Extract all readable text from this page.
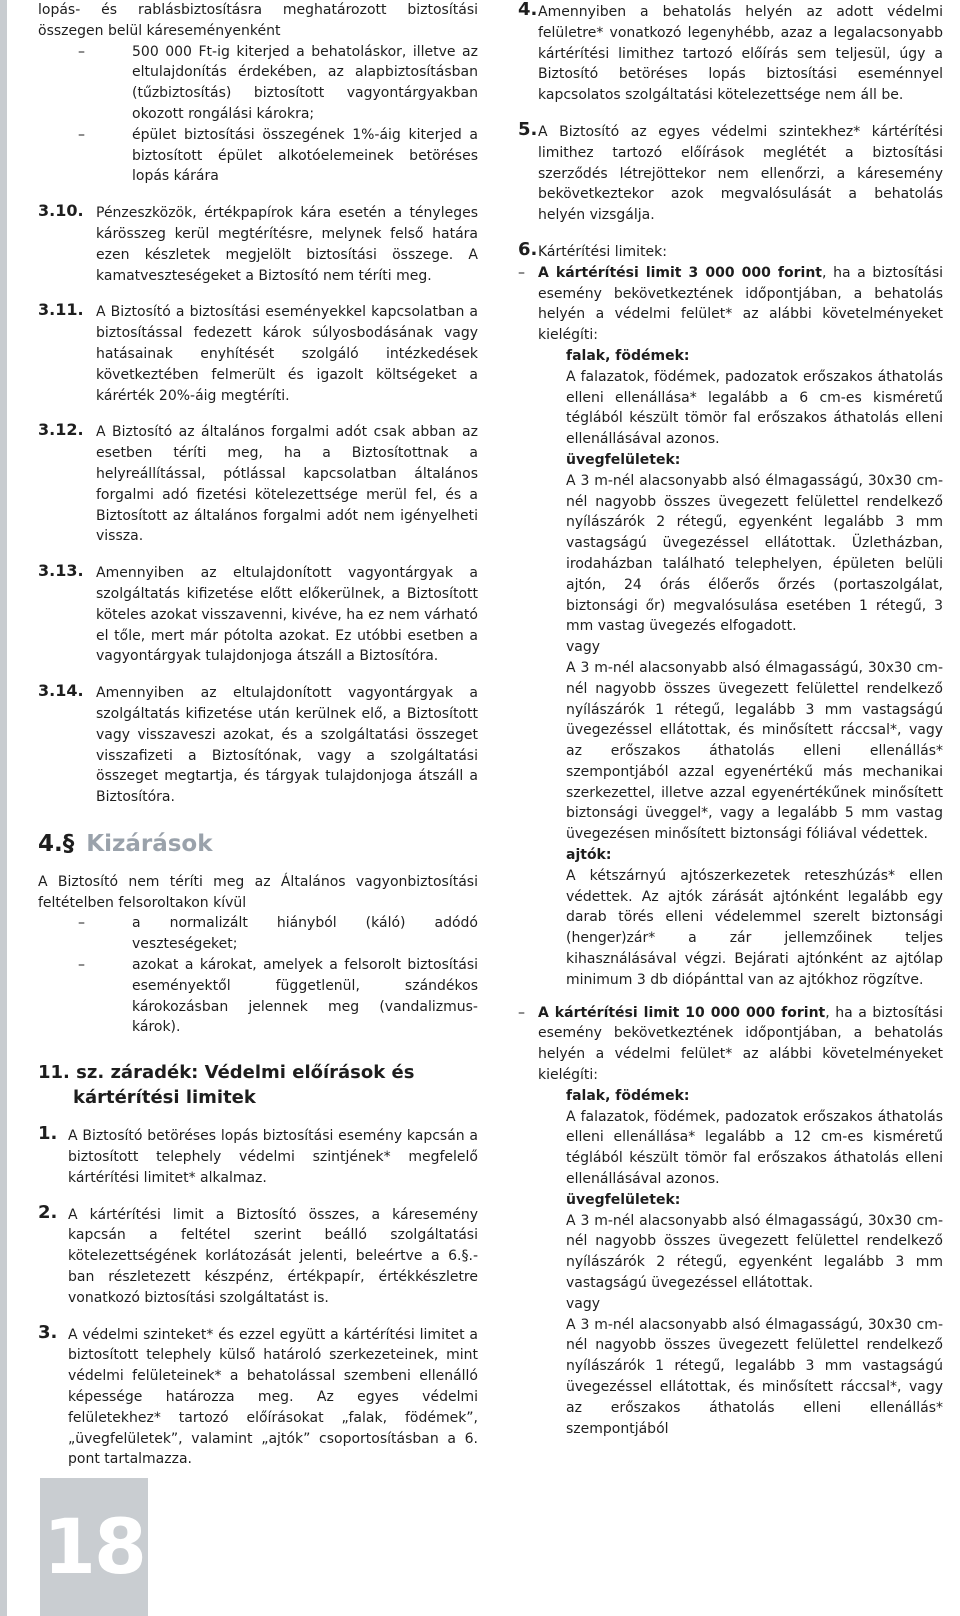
lopás- és rablásbiztosításra meghatározott biztosítási összegen belül káreseményenként

– 500 000 Ft-ig kiterjed a behatoláskor, illetve az eltulajdonítás érdekében, az alapbiztosításban (tűzbiztosítás) biztosított vagyontárgyakban okozott rongálási károkra;

– épület biztosítási összegének 1%-áig kiterjed a biztosított épület alkotóelemeinek betöréses lopás kárára

3.10. Pénzeszközök, értékpapírok kára esetén a tényleges kárösszeg kerül megtérítésre, melynek felső határa ezen készletek megjelölt biztosítási összege. A kamatveszteségeket a Biztosító nem téríti meg.

3.11. A Biztosító a biztosítási eseményekkel kapcsolatban a biztosítással fedezett károk súlyosbodásának vagy hatásainak enyhítését szolgáló intézkedések következtében felmerült és igazolt költségeket a kárérték 20%-áig megtéríti.

3.12. A Biztosító az általános forgalmi adót csak abban az esetben téríti meg, ha a Biztosítottnak a helyreállítással, pótlással kapcsolatban általános forgalmi adó fizetési kötelezettsége merül fel, és a Biztosított az általános forgalmi adót nem igényelheti vissza.

3.13. Amennyiben az eltulajdonított vagyontárgyak a szolgáltatás kifizetése előtt előkerülnek, a Biztosított köteles azokat visszavenni, kivéve, ha ez nem várható el tőle, mert már pótolta azokat. Ez utóbbi esetben a vagyontárgyak tulajdonjoga átszáll a Biztosítóra.

3.14. Amennyiben az eltulajdonított vagyontárgyak a szolgáltatás kifizetése után kerülnek elő, a Biztosított vagy visszaveszi azokat, és a szolgáltatási összeget visszafizeti a Biztosítónak, vagy a szolgáltatási összeget megtartja, és tárgyak tulajdonjoga átszáll a Biztosítóra.

4.§ Kizárások

A Biztosító nem téríti meg az Általános vagyonbiztosítási feltételben felsoroltakon kívül

– a normalizált hiányból (káló) adódó veszteségeket;

– azokat a károkat, amelyek a felsorolt biztosítási eseményektől függetlenül, szándékos károkozásban jelennek meg (vandalizmus-károk).

11. sz. záradék: Védelmi előírások és
kártérítési limitek
1. A Biztosító betöréses lopás biztosítási esemény kapcsán a biztosított telephely védelmi szintjének* megfelelő kártérítési limitet* alkalmaz.

2. A kártérítési limit a Biztosító összes, a káresemény kapcsán a feltétel szerint beálló szolgáltatási kötelezettségének korlátozását jelenti, beleértve a 6.§.-ban részletezett készpénz, értékpapír, értékkészletre vonatkozó biztosítási szolgáltatást is.

3. A védelmi szinteket* és ezzel együtt a kártérítési limitet a biztosított telephely külső határoló szerkezeteinek, mint védelmi felületeinek* a behatolással szembeni ellenálló képessége határozza meg. Az egyes védelmi felületekhez* tartozó előírásokat „falak, födémek”, „üvegfelületek”, valamint „ajtók” csoportosításban a 6. pont tartalmazza.

4. Amennyiben a behatolás helyén az adott védelmi felületre* vonatkozó legenyhébb, azaz a legalacsonyabb kártérítési limithez tartozó előírás sem teljesül, úgy a Biztosító betöréses lopás biztosítási eseménnyel kapcsolatos szolgáltatási kötelezettsége nem áll be.

5. A Biztosító az egyes védelmi szintekhez* kártérítési limithez tartozó előírások meglétét a biztosítási szerződés létrejöttekor nem ellenőrzi, a káresemény bekövetkeztekor azok megvalósulását a behatolás helyén vizsgálja.

6. Kártérítési limitek:

– A kártérítési limit 3 000 000 forint, ha a biztosítási esemény bekövetkeztének időpontjában, a behatolás helyén a védelmi felület* az alábbi követelményeket kielégíti:

falak, födémek:

A falazatok, födémek, padozatok erőszakos áthatolás elleni ellenállása* legalább a 6 cm-es kisméretű téglából készült tömör fal erőszakos áthatolás elleni ellenállásával azonos.

üvegfelületek:

A 3 m-nél alacsonyabb alsó élmagasságú, 30x30 cm-nél nagyobb összes üvegezett felülettel rendelkező nyílászárók 2 rétegű, egyenként legalább 3 mm vastagságú üvegezéssel ellátottak. Üzletházban, irodaházban található telephelyen, épületen belüli ajtón, 24 órás élőerős őrzés (portaszolgálat, biztonsági őr) megvalósulása esetében 1 rétegű, 3 mm vastag üvegezés elfogadott.

vagy

A 3 m-nél alacsonyabb alsó élmagasságú, 30x30 cm-nél nagyobb összes üvegezett felülettel rendelkező nyílászárók 1 rétegű, legalább 3 mm vastagságú üvegezéssel ellátottak, és minősített ráccsal*, vagy az erőszakos áthatolás elleni ellenállás* szempontjából azzal egyenértékű más mechanikai szerkezettel, illetve azzal egyenértékűnek minősített biztonsági üveggel*, vagy a legalább 5 mm vastag üvegezésen minősített biztonsági fóliával védettek.

ajtók:

A kétszárnyú ajtószerkezetek reteszhúzás* ellen védettek. Az ajtók zárását ajtónként legalább egy darab törés elleni védelemmel szerelt biztonsági (henger)zár* a zár jellemzőinek teljes kihasználásával végzi. Bejárati ajtónként az ajtólap minimum 3 db diópánttal van az ajtókhoz rögzítve.

– A kártérítési limit 10 000 000 forint, ha a biztosítási esemény bekövetkeztének időpontjában, a behatolás helyén a védelmi felület* az alábbi követelményeket kielégíti:

falak, födémek:

A falazatok, födémek, padozatok erőszakos áthatolás elleni ellenállása* legalább a 12 cm-es kisméretű téglából készült tömör fal erőszakos áthatolás elleni ellenállásával azonos.

üvegfelületek:

A 3 m-nél alacsonyabb alsó élmagasságú, 30x30 cm-nél nagyobb összes üvegezett felülettel rendelkező nyílászárók 2 rétegű, egyenként legalább 3 mm vastagságú üvegezéssel ellátottak.

vagy

A 3 m-nél alacsonyabb alsó élmagasságú, 30x30 cm-nél nagyobb összes üvegezett felülettel rendelkező nyílászárók 1 rétegű, legalább 3 mm vastagságú üvegezéssel ellátottak, és minősített ráccsal*, vagy az erőszakos áthatolás elleni ellenállás* szempontjából

18
